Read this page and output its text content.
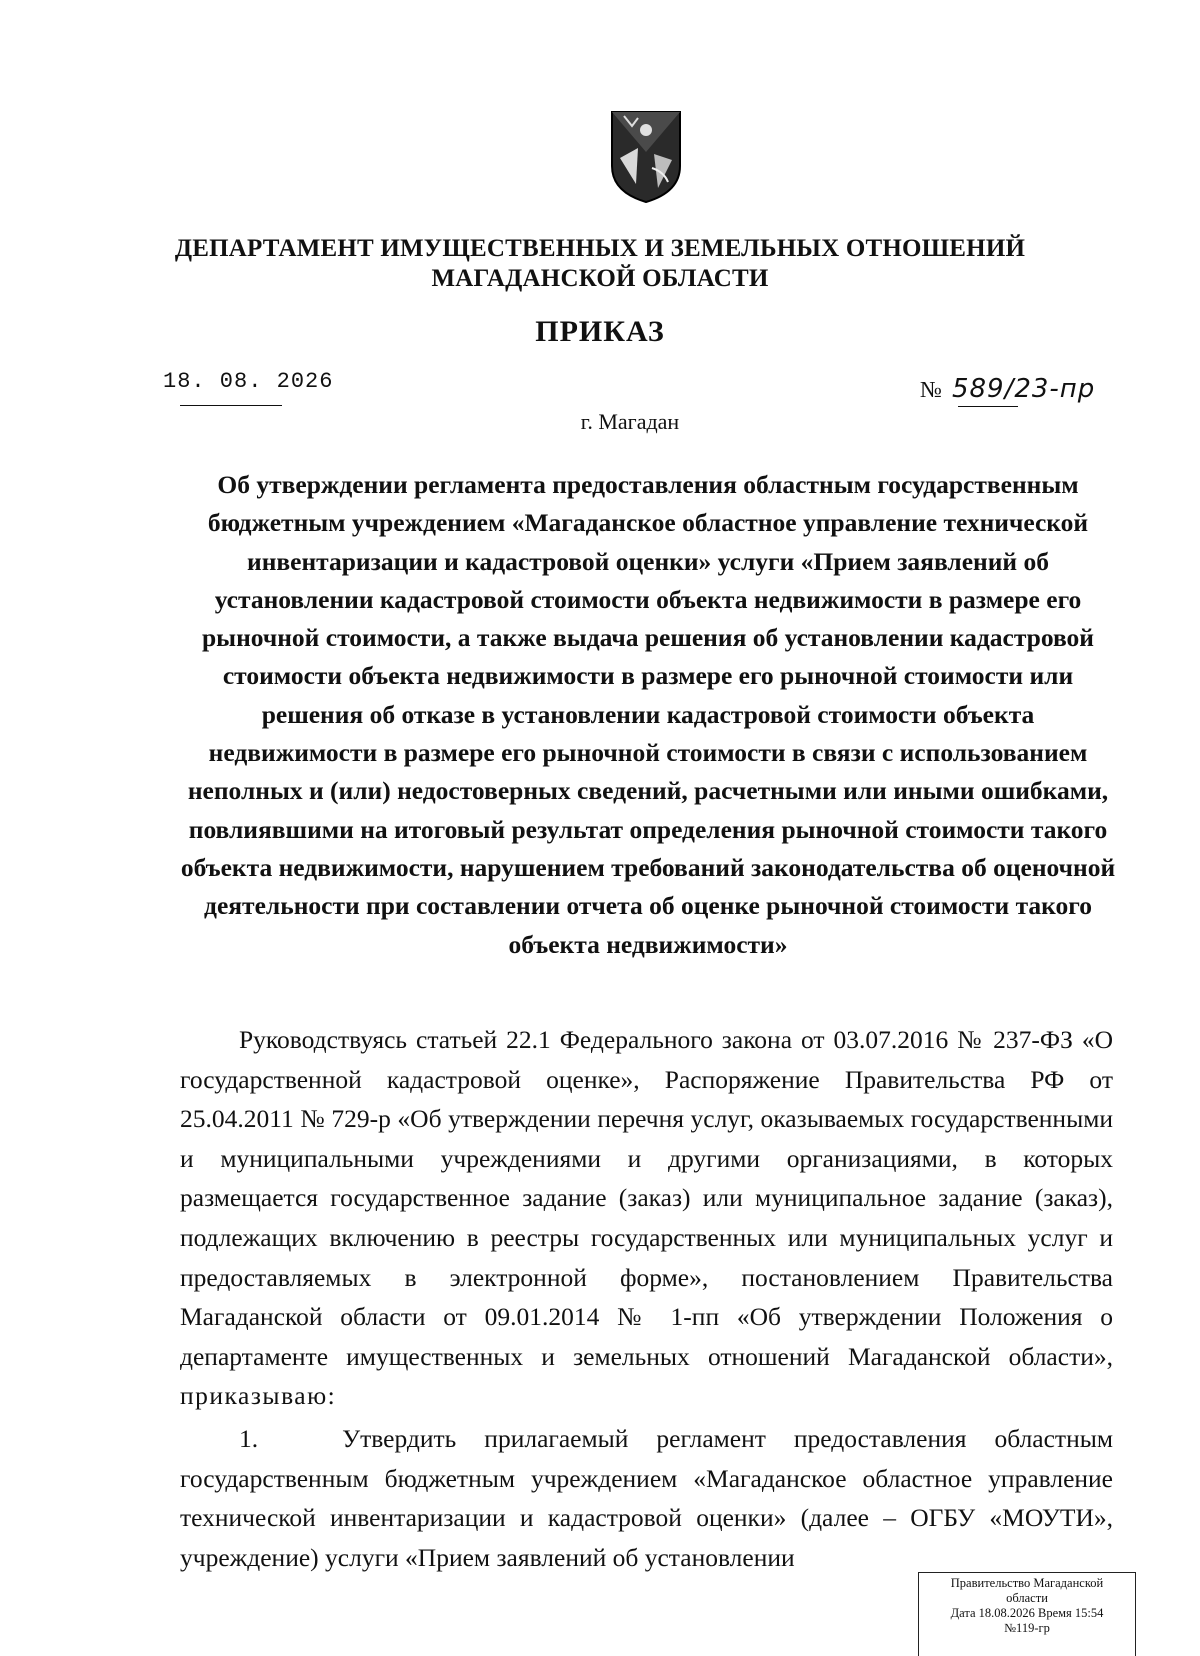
ДЕПАРТАМЕНТ ИМУЩЕСТВЕННЫХ И ЗЕМЕЛЬНЫХ ОТНОШЕНИЙ
МАГАДАНСКОЙ ОБЛАСТИ
ПРИКАЗ
18. 08. 2026	№ 589/23-пр
г. Магадан
Об утверждении регламента предоставления областным государственным бюджетным учреждением «Магаданское областное управление технической инвентаризации и кадастровой оценки» услуги «Прием заявлений об установлении кадастровой стоимости объекта недвижимости в размере его рыночной стоимости, а также выдача решения об установлении кадастровой стоимости объекта недвижимости в размере его рыночной стоимости или решения об отказе в установлении кадастровой стоимости объекта недвижимости в размере его рыночной стоимости в связи с использованием неполных и (или) недостоверных сведений, расчетными или иными ошибками, повлиявшими на итоговый результат определения рыночной стоимости такого объекта недвижимости, нарушением требований законодательства об оценочной деятельности при составлении отчета об оценке рыночной стоимости такого объекта недвижимости»
Руководствуясь статьей 22.1 Федерального закона от 03.07.2016 № 237-ФЗ «О государственной кадастровой оценке», Распоряжение Правительства РФ от 25.04.2011 № 729-р «Об утверждении перечня услуг, оказываемых государственными и муниципальными учреждениями и другими организациями, в которых размещается государственное задание (заказ) или муниципальное задание (заказ), подлежащих включению в реестры государственных или муниципальных услуг и предоставляемых в электронной форме», постановлением Правительства Магаданской области от 09.01.2014 № 1-пп «Об утверждении Положения о департаменте имущественных и земельных отношений Магаданской области», приказываю:
1.   Утвердить прилагаемый регламент предоставления областным государственным бюджетным учреждением «Магаданское областное управление технической инвентаризации и кадастровой оценки» (далее – ОГБУ «МОУТИ», учреждение) услуги «Прием заявлений об установлении
Правительство Магаданской
области
Дата 18.08.2026 Время 15:54
№119-гр
